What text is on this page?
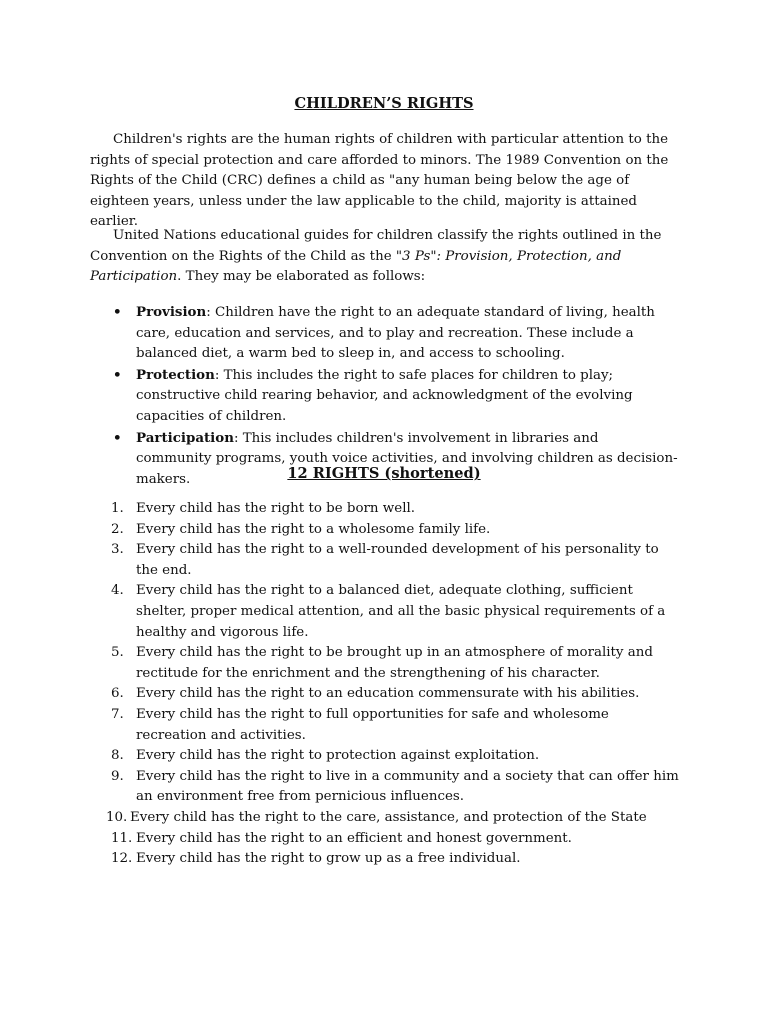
CHILDREN’S RIGHTS

Children's rights are the human rights of children with particular attention to the rights of special protection and care afforded to minors. The 1989 Convention on the Rights of the Child (CRC) defines a child as "any human being below the age of eighteen years, unless under the law applicable to the child, majority is attained earlier.

United Nations educational guides for children classify the rights outlined in the Convention on the Rights of the Child as the "3 Ps": Provision, Protection, and Participation. They may be elaborated as follows:

• Provision: Children have the right to an adequate standard of living, health care, education and services, and to play and recreation. These include a balanced diet, a warm bed to sleep in, and access to schooling.
• Protection: This includes the right to safe places for children to play; constructive child rearing behavior, and acknowledgment of the evolving capacities of children.
• Participation: This includes children's involvement in libraries and community programs, youth voice activities, and involving children as decision-makers.	12 RIGHTS (shortened)
1. Every child has the right to be born well.
2. Every child has the right to a wholesome family life.
3. Every child has the right to a well-rounded development of his personality to the end.
4. Every child has the right to a balanced diet, adequate clothing, sufficient shelter, proper medical attention, and all the basic physical requirements of a healthy and vigorous life.
5. Every child has the right to be brought up in an atmosphere of morality and rectitude for the enrichment and the strengthening of his character.
6. Every child has the right to an education commensurate with his abilities.
7. Every child has the right to full opportunities for safe and wholesome recreation and activities.
8. Every child has the right to protection against exploitation.
9. Every child has the right to live in a community and a society that can offer him an environment free from pernicious influences.
10. Every child has the right to the care, assistance, and protection of the State
11. Every child has the right to an efficient and honest government.
12. Every child has the right to grow up as a free individual.
